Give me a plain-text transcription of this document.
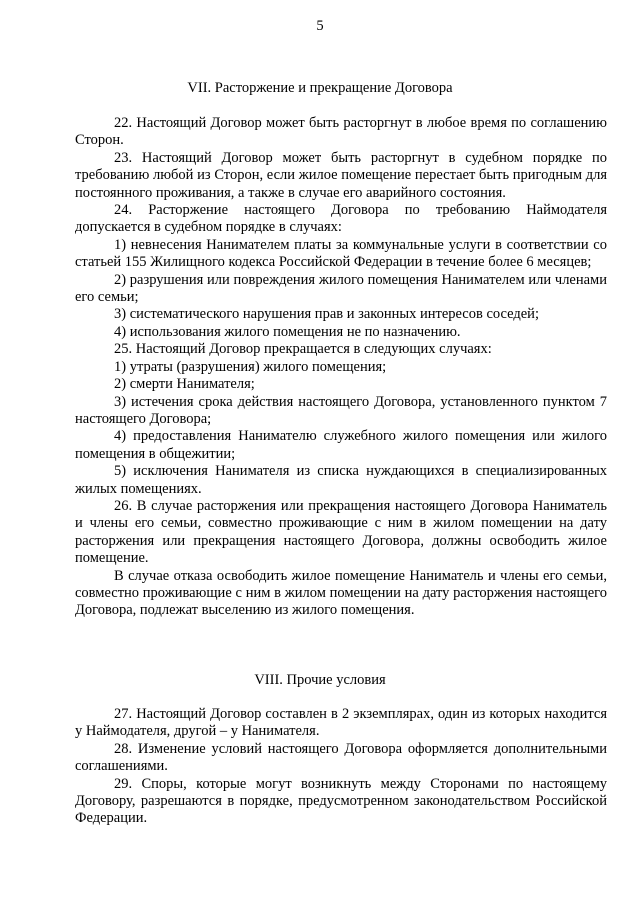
5
VII. Расторжение и прекращение Договора

22. Настоящий Договор может быть расторгнут в любое время по соглашению Сторон.

23. Настоящий Договор может быть расторгнут в судебном порядке по требованию любой из Сторон, если жилое помещение перестает быть пригодным для постоянного проживания, а также в случае его аварийного состояния.

24. Расторжение настоящего Договора по требованию Наймодателя допускается в судебном порядке в случаях:

1) невнесения Нанимателем платы за коммунальные услуги в соответствии со статьей 155 Жилищного кодекса Российской Федерации в течение более 6 месяцев;

2) разрушения или повреждения жилого помещения Нанимателем или членами его семьи;

3) систематического нарушения прав и законных интересов соседей;

4) использования жилого помещения не по назначению.

25. Настоящий Договор прекращается в следующих случаях:

1) утраты (разрушения) жилого помещения;

2) смерти Нанимателя;

3) истечения срока действия настоящего Договора, установленного пунктом 7 настоящего Договора;

4) предоставления Нанимателю служебного жилого помещения или жилого помещения в общежитии;

5) исключения Нанимателя из списка нуждающихся в специализированных жилых помещениях.

26. В случае расторжения или прекращения настоящего Договора Наниматель и члены его семьи, совместно проживающие с ним в жилом помещении на дату расторжения или прекращения настоящего Договора, должны освободить жилое помещение.

В случае отказа освободить жилое помещение Наниматель и члены его семьи, совместно проживающие с ним в жилом помещении на дату расторжения настоящего Договора, подлежат выселению из жилого помещения.

VIII. Прочие условия

27. Настоящий Договор составлен в 2 экземплярах, один из которых находится у Наймодателя, другой – у Нанимателя.

28. Изменение условий настоящего Договора оформляется дополнительными соглашениями.

29. Споры, которые могут возникнуть между Сторонами по настоящему Договору, разрешаются в порядке, предусмотренном законодательством Российской Федерации.
